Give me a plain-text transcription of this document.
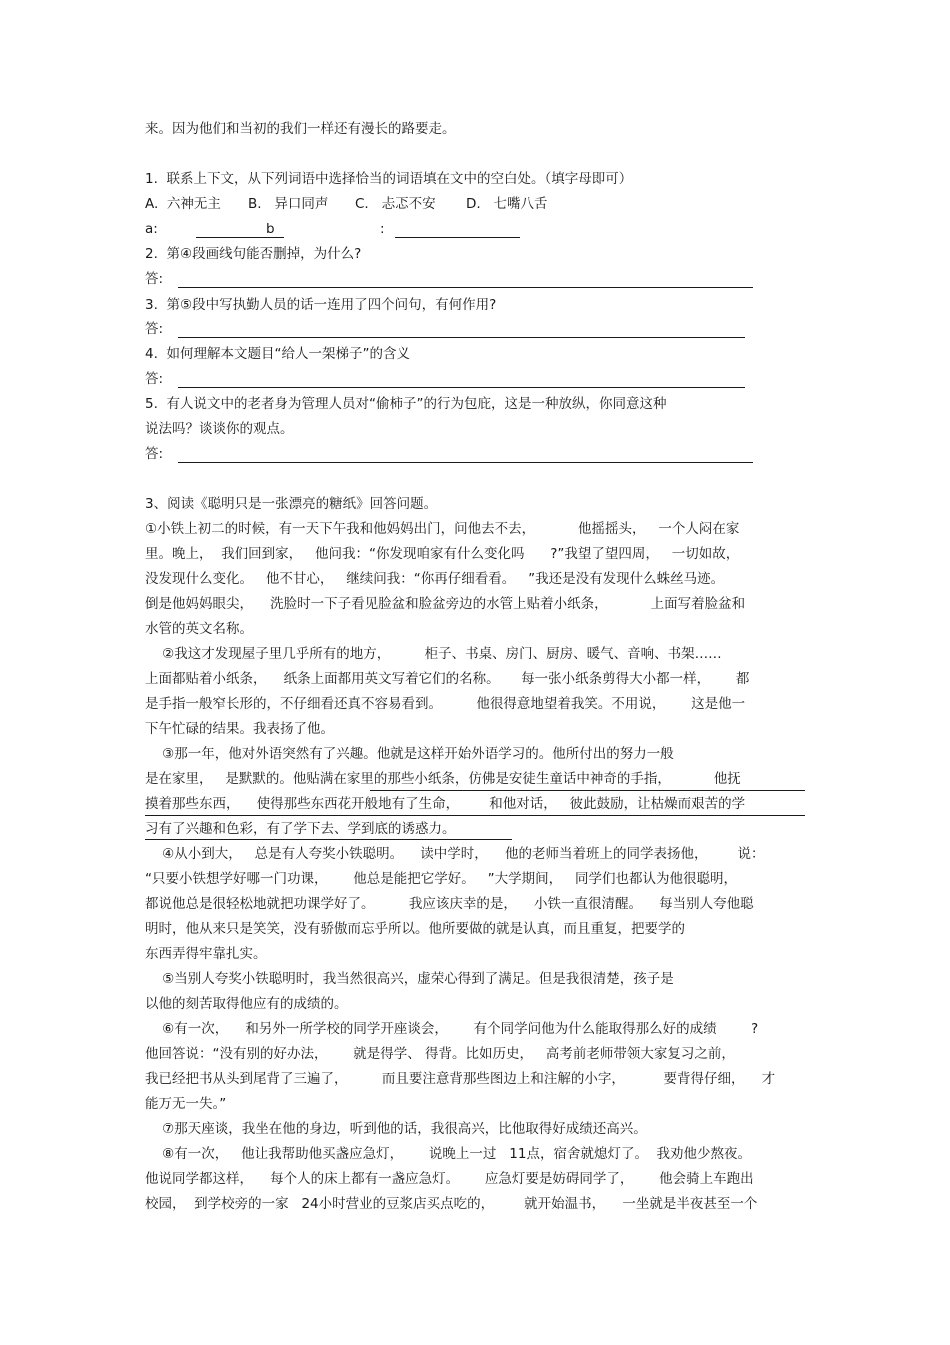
来。因为他们和当初的我们一样还有漫长的路要走。
1.  联系上下文，从下列词语中选择恰当的词语填在文中的空白处。（填字母即可）
A.  六神无主 B.   异口同声 C.   忐忑不安 D.   七嘴八舌
a:	b	:
2.  第④段画线句能否删掉，为什么?
答:
3.  第⑤段中写执勤人员的话一连用了四个问句，有何作用?
答:
4.  如何理解本文题目“给人一架梯子”的含义
答:
5.  有人说文中的老者身为管理人员对“偷柿子”的行为包庇，这是一种放纵，你同意这种
说法吗？谈谈你的观点。
答:
3、阅读《聪明只是一张漂亮的糖纸》回答问题。
①小铁上初二的时候，有一天下午我和他妈妈出门，问他去不去，          他摇摇头，   一个人闷在家
里。晚上，  我们回到家，   他问我：“你发现咱家有什么变化吗      ?”我望了望四周，   一切如故，
没发现什么变化。   他不甘心，   继续问我：“你再仔细看看。   ”我还是没有发现什么蛛丝马迹。
倒是他妈妈眼尖，    洗脸时一下子看见脸盆和脸盆旁边的水管上贴着小纸条，          上面写着脸盆和
水管的英文名称。
②我这才发现屋子里几乎所有的地方，        柜子、书桌、房门、厨房、暖气、音响、书架……
上面都贴着小纸条，    纸条上面都用英文写着它们的名称。     每一张小纸条剪得大小都一样，      都
是手指一般窄长形的，不仔细看还真不容易看到。        他很得意地望着我笑。不用说，      这是他一
下午忙碌的结果。我表扬了他。
③那一年，他对外语突然有了兴趣。他就是这样开始外语学习的。他所付出的努力一般
是在家里，   是默默的。他贴满在家里的那些小纸条，仿佛是安徒生童话中神奇的手指，          他抚
摸着那些东西，    使得那些东西花开般地有了生命，       和他对话，   彼此鼓励，让枯燥而艰苦的学
习有了兴趣和色彩，有了学下去、学到底的诱惑力。
④从小到大，   总是有人夸奖小铁聪明。    读中学时，    他的老师当着班上的同学表扬他，       说：
“只要小铁想学好哪一门功课，      他总是能把它学好。   ”大学期间，   同学们也都认为他很聪明，
都说他总是很轻松地就把功课学好了。        我应该庆幸的是，    小铁一直很清醒。    每当别人夸他聪
明时，他从来只是笑笑，没有骄傲而忘乎所以。他所要做的就是认真，而且重复，把要学的
东西弄得牢靠扎实。
⑤当别人夸奖小铁聪明时，我当然很高兴，虚荣心得到了满足。但是我很清楚，孩子是
以他的刻苦取得他应有的成绩的。
⑥有一次，    和另外一所学校的同学开座谈会，      有个同学问他为什么能取得那么好的成绩        ?
他回答说：“没有别的好办法，      就是得学、 得背。比如历史，   高考前老师带领大家复习之前，
我已经把书从头到尾背了三遍了，        而且要注意背那些图边上和注解的小字，         要背得仔细，    才
能万无一失。”
⑦那天座谈，我坐在他的身边，听到他的话，我很高兴，比他取得好成绩还高兴。
⑧有一次，   他让我帮助他买盏应急灯，      说晚上一过   11点，宿舍就熄灯了。  我劝他少熬夜。
他说同学都这样，    每个人的床上都有一盏应急灯。      应急灯要是妨碍同学了，      他会骑上车跑出
校园，  到学校旁的一家   24小时营业的豆浆店买点吃的，       就开始温书，    一坐就是半夜甚至一个
